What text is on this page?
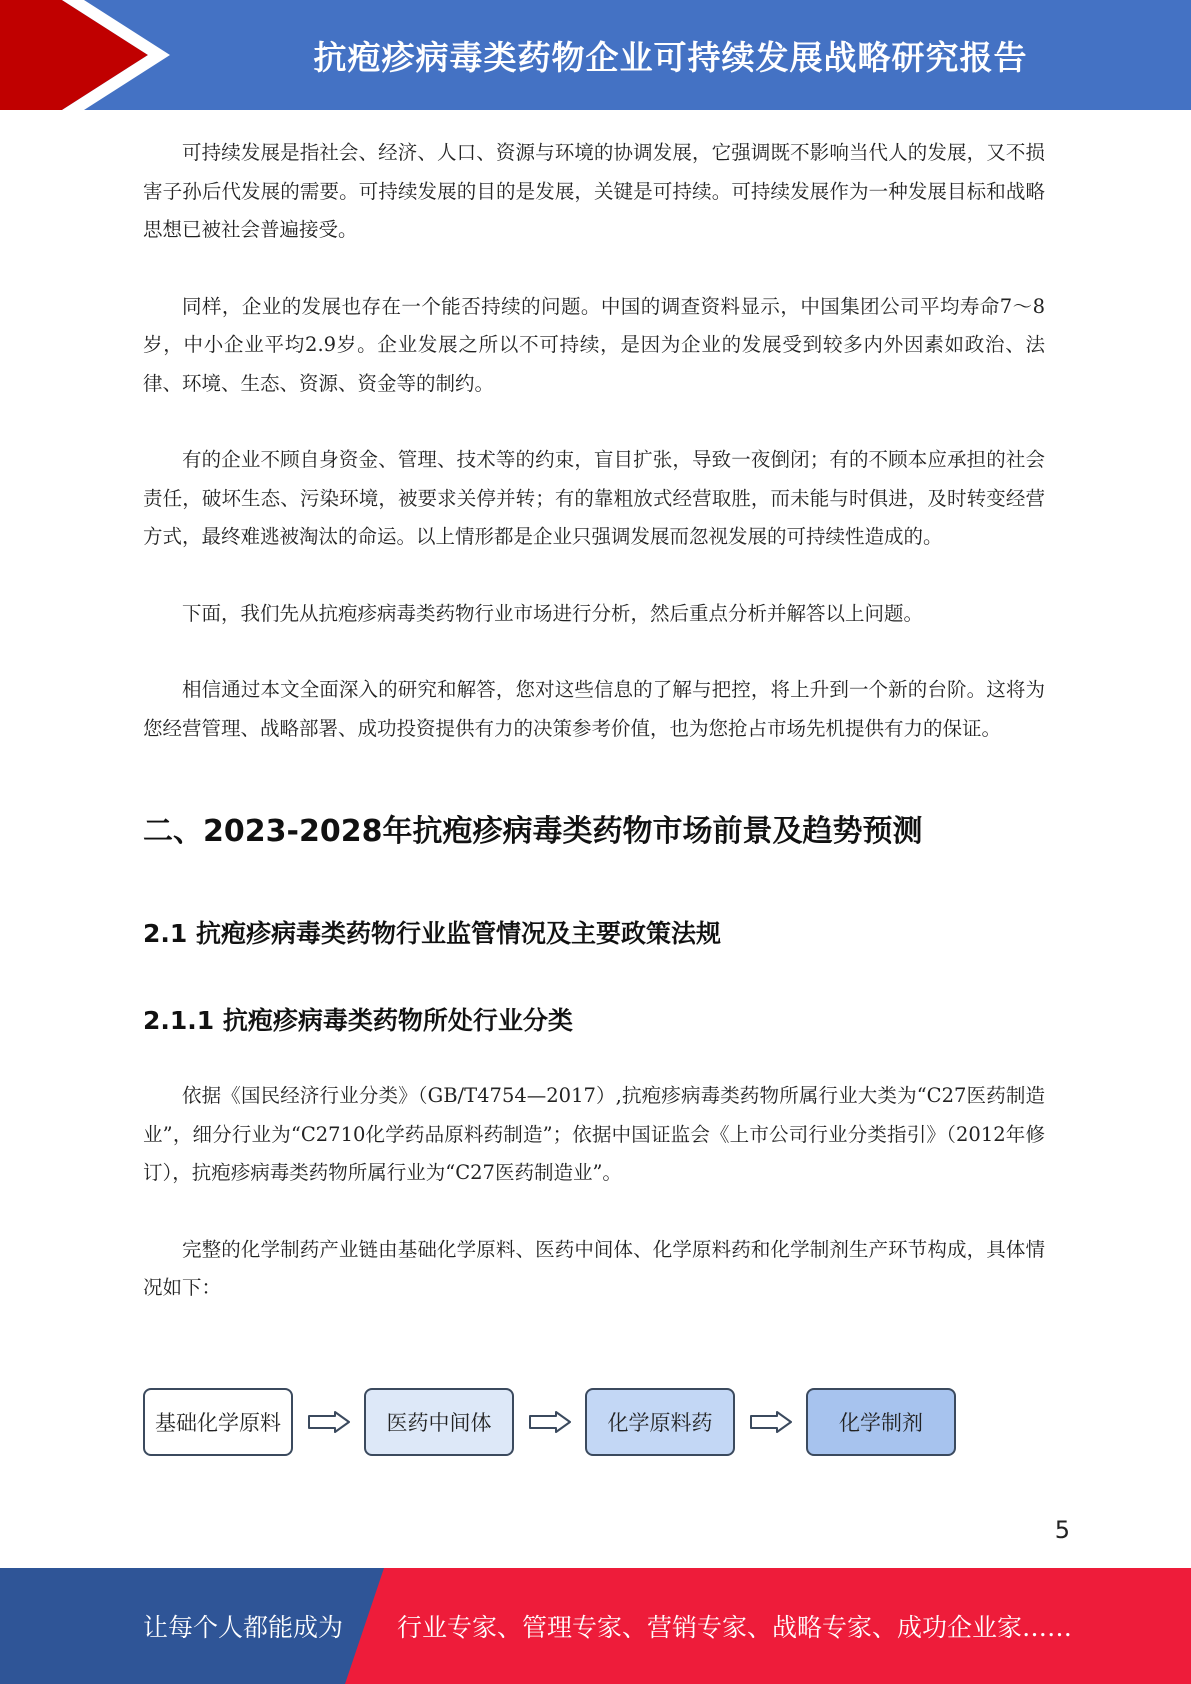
抗疱疹病毒类药物企业可持续发展战略研究报告

可持续发展是指社会、经济、人口、资源与环境的协调发展，它强调既不影响当代人的发展，又不损害子孙后代发展的需要。可持续发展的目的是发展，关键是可持续。可持续发展作为一种发展目标和战略思想已被社会普遍接受。

同样，企业的发展也存在一个能否持续的问题。中国的调查资料显示，中国集团公司平均寿命7～8岁，中小企业平均2.9岁。企业发展之所以不可持续，是因为企业的发展受到较多内外因素如政治、法律、环境、生态、资源、资金等的制约。

有的企业不顾自身资金、管理、技术等的约束，盲目扩张，导致一夜倒闭；有的不顾本应承担的社会责任，破坏生态、污染环境，被要求关停并转；有的靠粗放式经营取胜，而未能与时俱进，及时转变经营方式，最终难逃被淘汰的命运。以上情形都是企业只强调发展而忽视发展的可持续性造成的。

下面，我们先从抗疱疹病毒类药物行业市场进行分析，然后重点分析并解答以上问题。

相信通过本文全面深入的研究和解答，您对这些信息的了解与把控，将上升到一个新的台阶。这将为您经营管理、战略部署、成功投资提供有力的决策参考价值，也为您抢占市场先机提供有力的保证。

二、2023-2028年抗疱疹病毒类药物市场前景及趋势预测
2.1 抗疱疹病毒类药物行业监管情况及主要政策法规
2.1.1 抗疱疹病毒类药物所处行业分类

依据《国民经济行业分类》（GB/T4754—2017）,抗疱疹病毒类药物所属行业大类为“C27医药制造业”，细分行业为“C2710化学药品原料药制造”；依据中国证监会《上市公司行业分类指引》（2012年修订），抗疱疹病毒类药物所属行业为“C27医药制造业”。

完整的化学制药产业链由基础化学原料、医药中间体、化学原料药和化学制剂生产环节构成，具体情况如下：

基础化学原料	医药中间体	化学原料药	化学制剂
5
让每个人都能成为 行业专家、管理专家、营销专家、战略专家、成功企业家……
